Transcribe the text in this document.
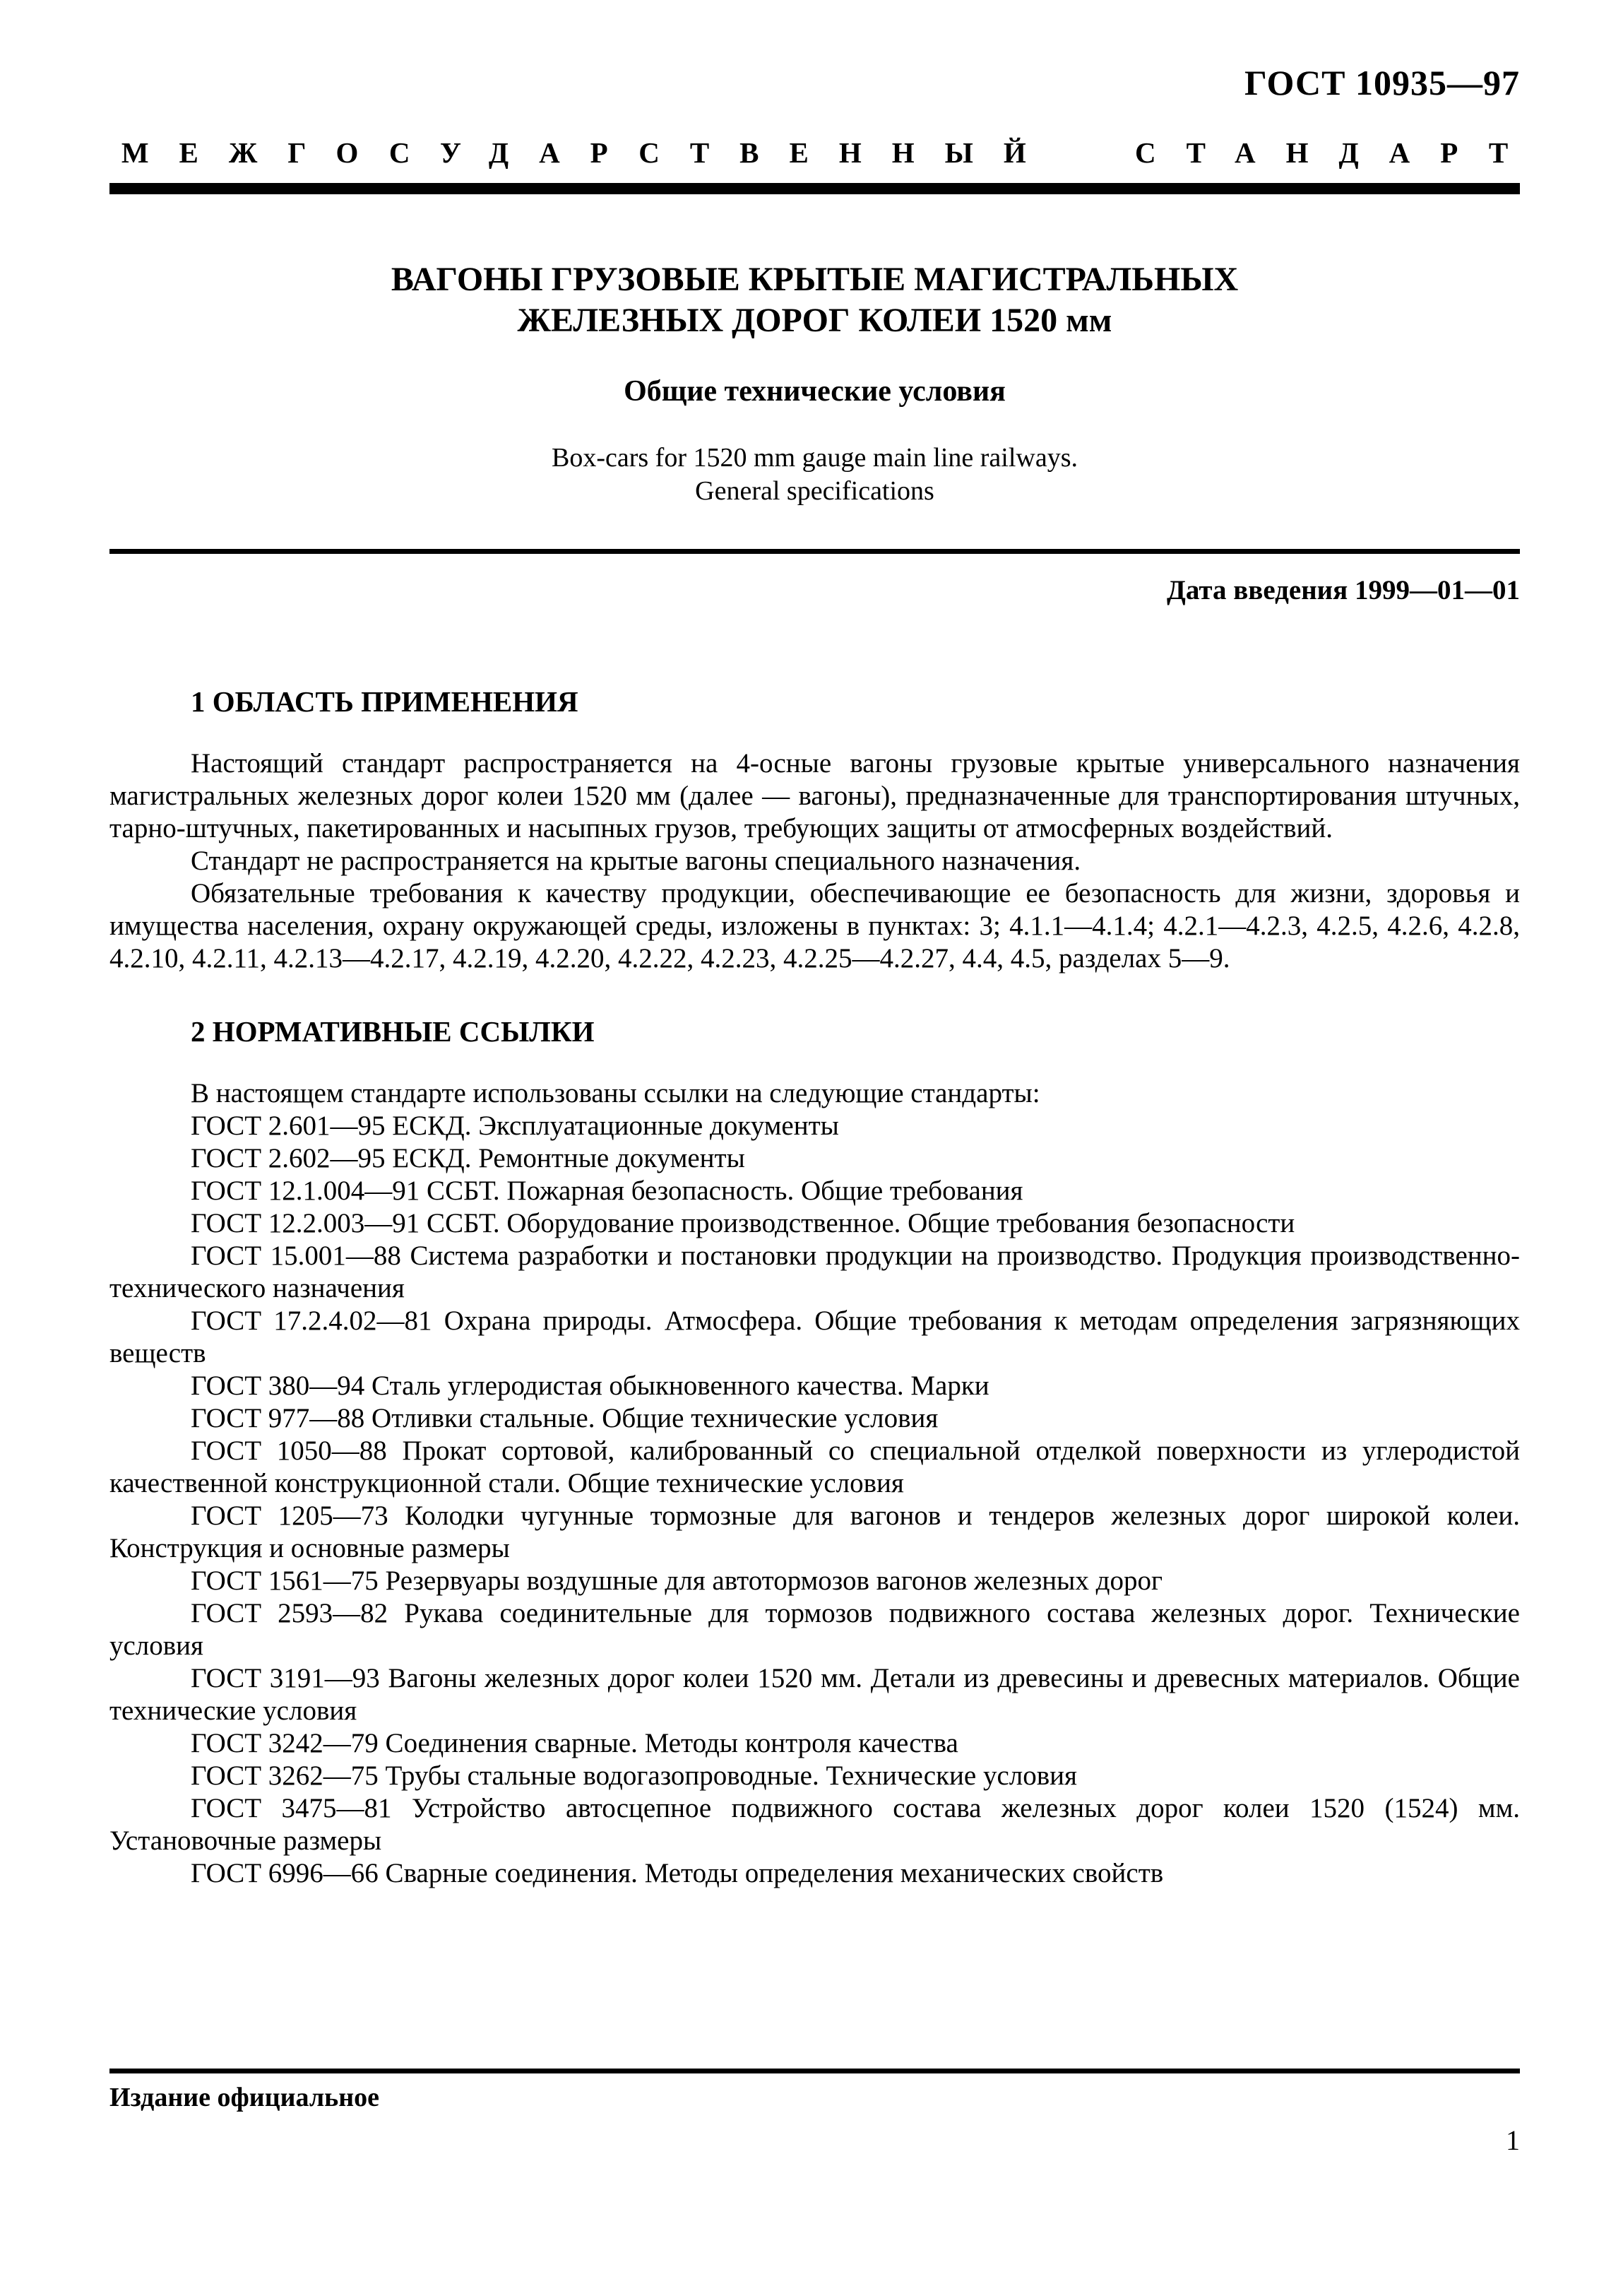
ГОСТ 10935—97
МЕЖГОСУДАРСТВЕННЫЙ СТАНДАРТ
ВАГОНЫ ГРУЗОВЫЕ КРЫТЫЕ МАГИСТРАЛЬНЫХ
ЖЕЛЕЗНЫХ ДОРОГ КОЛЕИ 1520 мм
Общие технические условия

Box-cars for 1520 mm gauge main line railways.
General specifications

Дата введения 1999—01—01

1 ОБЛАСТЬ ПРИМЕНЕНИЯ

Настоящий стандарт распространяется на 4-осные вагоны грузовые крытые универсального назначения магистральных железных дорог колеи 1520 мм (далее — вагоны), предназначенные для транспортирования штучных, тарно-штучных, пакетированных и насыпных грузов, требующих защиты от атмосферных воздействий.

Стандарт не распространяется на крытые вагоны специального назначения.

Обязательные требования к качеству продукции, обеспечивающие ее безопасность для жизни, здоровья и имущества населения, охрану окружающей среды, изложены в пунктах: 3; 4.1.1—4.1.4; 4.2.1—4.2.3, 4.2.5, 4.2.6, 4.2.8, 4.2.10, 4.2.11, 4.2.13—4.2.17, 4.2.19, 4.2.20, 4.2.22, 4.2.23, 4.2.25—4.2.27, 4.4, 4.5, разделах 5—9.

2 НОРМАТИВНЫЕ ССЫЛКИ

В настоящем стандарте использованы ссылки на следующие стандарты:

ГОСТ 2.601—95 ЕСКД. Эксплуатационные документы

ГОСТ 2.602—95 ЕСКД. Ремонтные документы

ГОСТ 12.1.004—91 ССБТ. Пожарная безопасность. Общие требования

ГОСТ 12.2.003—91 ССБТ. Оборудование производственное. Общие требования безопасности

ГОСТ 15.001—88 Система разработки и постановки продукции на производство. Продукция производственно-технического назначения

ГОСТ 17.2.4.02—81 Охрана природы. Атмосфера. Общие требования к методам определения загрязняющих веществ

ГОСТ 380—94 Сталь углеродистая обыкновенного качества. Марки

ГОСТ 977—88 Отливки стальные. Общие технические условия

ГОСТ 1050—88 Прокат сортовой, калиброванный со специальной отделкой поверхности из углеродистой качественной конструкционной стали. Общие технические условия

ГОСТ 1205—73 Колодки чугунные тормозные для вагонов и тендеров железных дорог широкой колеи. Конструкция и основные размеры

ГОСТ 1561—75 Резервуары воздушные для автотормозов вагонов железных дорог

ГОСТ 2593—82 Рукава соединительные для тормозов подвижного состава железных дорог. Технические условия

ГОСТ 3191—93 Вагоны железных дорог колеи 1520 мм. Детали из древесины и древесных материалов. Общие технические условия

ГОСТ 3242—79 Соединения сварные. Методы контроля качества

ГОСТ 3262—75 Трубы стальные водогазопроводные. Технические условия

ГОСТ 3475—81 Устройство автосцепное подвижного состава железных дорог колеи 1520 (1524) мм. Установочные размеры

ГОСТ 6996—66 Сварные соединения. Методы определения механических свойств

Издание официальное

1
